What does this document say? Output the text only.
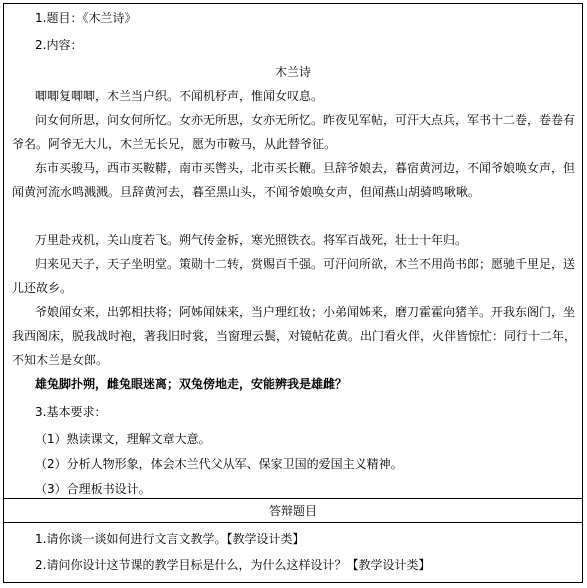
1.题目：《木兰诗》
2.内容：
木兰诗
唧唧复唧唧，木兰当户织。不闻机杼声，惟闻女叹息。
问女何所思，问女何所忆。女亦无所思，女亦无所忆。昨夜见军帖，可汗大点兵，军书十二卷，卷卷有爷名。阿爷无大儿，木兰无长兄，愿为市鞍马，从此替爷征。
东市买骏马，西市买鞍鞯，南市买辔头，北市买长鞭。旦辞爷娘去，暮宿黄河边，不闻爷娘唤女声，但闻黄河流水鸣溅溅。旦辞黄河去，暮至黑山头，不闻爷娘唤女声，但闻燕山胡骑鸣啾啾。
万里赴戎机，关山度若飞。朔气传金柝，寒光照铁衣。将军百战死，壮士十年归。
归来见天子，天子坐明堂。策勋十二转，赏赐百千强。可汗问所欲，木兰不用尚书郎；愿驰千里足，送儿还故乡。
爷娘闻女来，出郭相扶将；阿姊闻妹来，当户理红妆；小弟闻姊来，磨刀霍霍向猪羊。开我东阁门，坐我西阁床，脱我战时袍，著我旧时裳，当窗理云鬓，对镜帖花黄。出门看火伴，火伴皆惊忙：同行十二年，不知木兰是女郎。
雄兔脚扑朔，雌兔眼迷离；双兔傍地走，安能辨我是雄雌？
3.基本要求：
（1）熟读课文，理解文章大意。
（2）分析人物形象，体会木兰代父从军、保家卫国的爱国主义精神。
（3）合理板书设计。
答辩题目
1.请你谈一谈如何进行文言文教学。【教学设计类】
2.请问你设计这节课的教学目标是什么，为什么这样设计？【教学设计类】
